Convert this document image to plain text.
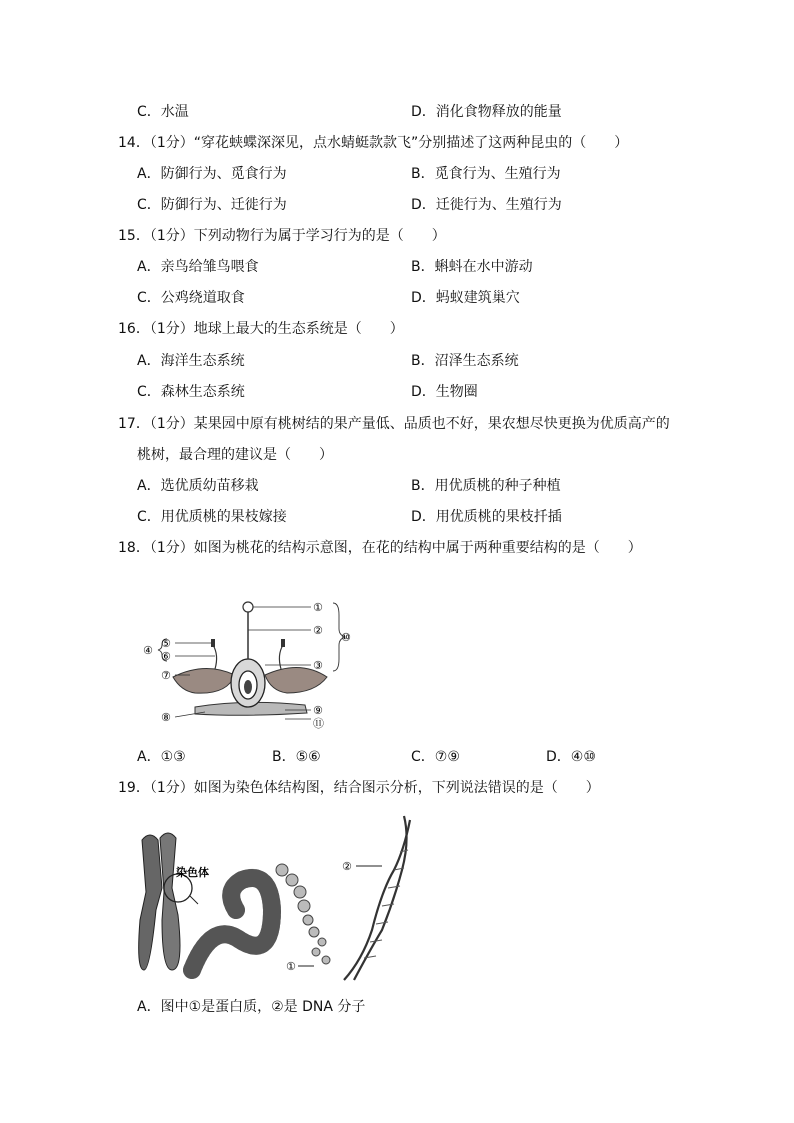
C．水温	D．消化食物释放的能量
14．（1分）“穿花蛱蝶深深见，点水蜻蜓款款飞”分别描述了这两种昆虫的（　　）
A．防御行为、觅食行为	B．觅食行为、生殖行为
C．防御行为、迁徙行为	D．迁徙行为、生殖行为
15．（1分）下列动物行为属于学习行为的是（　　）
A．亲鸟给雏鸟喂食	B．蝌蚪在水中游动
C．公鸡绕道取食	D．蚂蚁建筑巢穴
16．（1分）地球上最大的生态系统是（　　）
A．海洋生态系统	B．沼泽生态系统
C．森林生态系统	D．生物圈
17．（1分）某果园中原有桃树结的果产量低、品质也不好，果农想尽快更换为优质高产的
桃树，最合理的建议是（　　）
A．选优质幼苗移栽	B．用优质桃的种子种植
C．用优质桃的果枝嫁接	D．用优质桃的果枝扦插
18．（1分）如图为桃花的结构示意图，在花的结构中属于两种重要结构的是（　　）
①
②
③
④
⑤
⑥
⑦
⑧
⑨
⑩
⑪
A．①③	B．⑤⑥	C．⑦⑨	D．④⑩
19．（1分）如图为染色体结构图，结合图示分析，下列说法错误的是（　　）
染色体
①
②
A．图中①是蛋白质，②是 DNA 分子
